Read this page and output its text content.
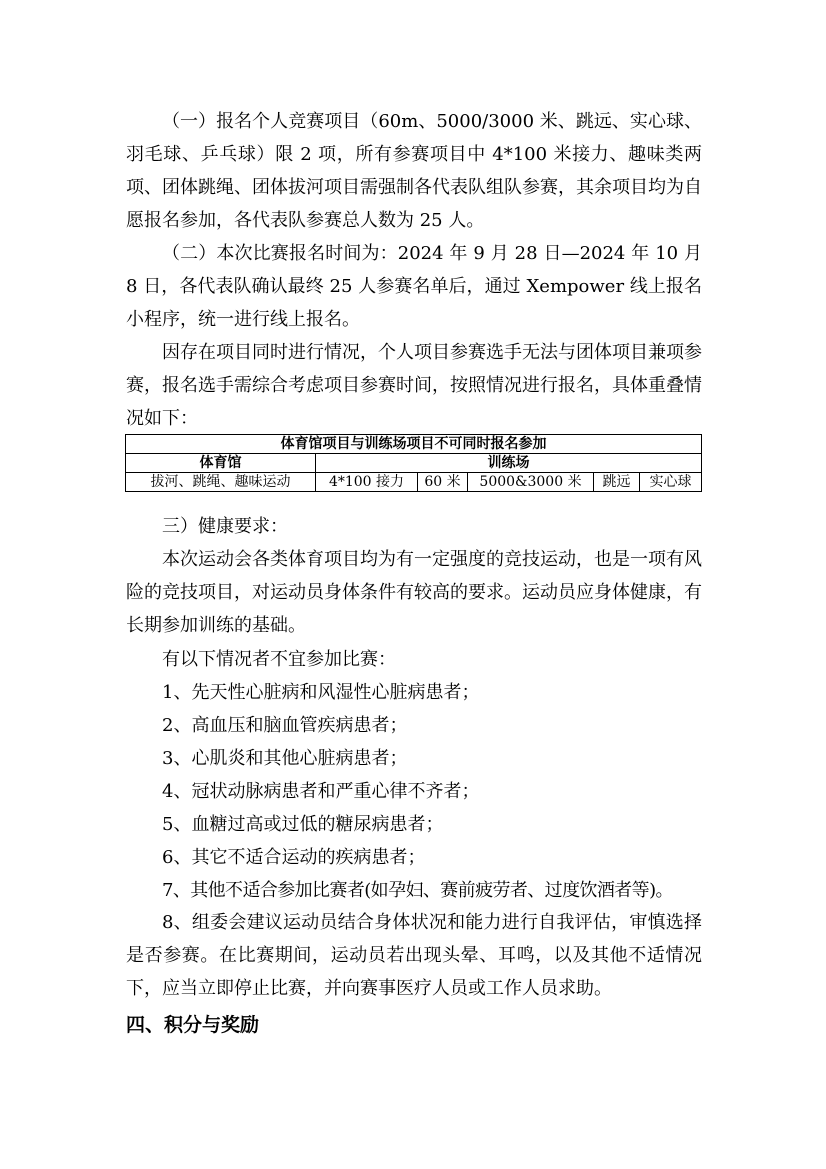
（一）报名个人竞赛项目（60m、5000/3000 米、跳远、实心球、羽毛球、乒乓球）限 2 项，所有参赛项目中 4*100 米接力、趣味类两项、团体跳绳、团体拔河项目需强制各代表队组队参赛，其余项目均为自愿报名参加，各代表队参赛总人数为 25 人。

（二）本次比赛报名时间为：2024 年 9 月 28 日—2024 年 10 月 8 日，各代表队确认最终 25 人参赛名单后，通过 Xempower 线上报名小程序，统一进行线上报名。

因存在项目同时进行情况，个人项目参赛选手无法与团体项目兼项参赛，报名选手需综合考虑项目参赛时间，按照情况进行报名，具体重叠情况如下：

体育馆项目与训练场项目不可同时报名参加					
体育馆	训练场				
拔河、跳绳、趣味运动	4*100 接力	60 米	5000&3000 米	跳远	实心球

三）健康要求：

本次运动会各类体育项目均为有一定强度的竞技运动，也是一项有风险的竞技项目，对运动员身体条件有较高的要求。运动员应身体健康，有长期参加训练的基础。

有以下情况者不宜参加比赛：

1、先天性心脏病和风湿性心脏病患者；

2、高血压和脑血管疾病患者；

3、心肌炎和其他心脏病患者；

4、冠状动脉病患者和严重心律不齐者；

5、血糖过高或过低的糖尿病患者；

6、其它不适合运动的疾病患者；

7、其他不适合参加比赛者(如孕妇、赛前疲劳者、过度饮酒者等)。

8、组委会建议运动员结合身体状况和能力进行自我评估，审慎选择是否参赛。在比赛期间，运动员若出现头晕、耳鸣，以及其他不适情况下，应当立即停止比赛，并向赛事医疗人员或工作人员求助。

四、积分与奖励
